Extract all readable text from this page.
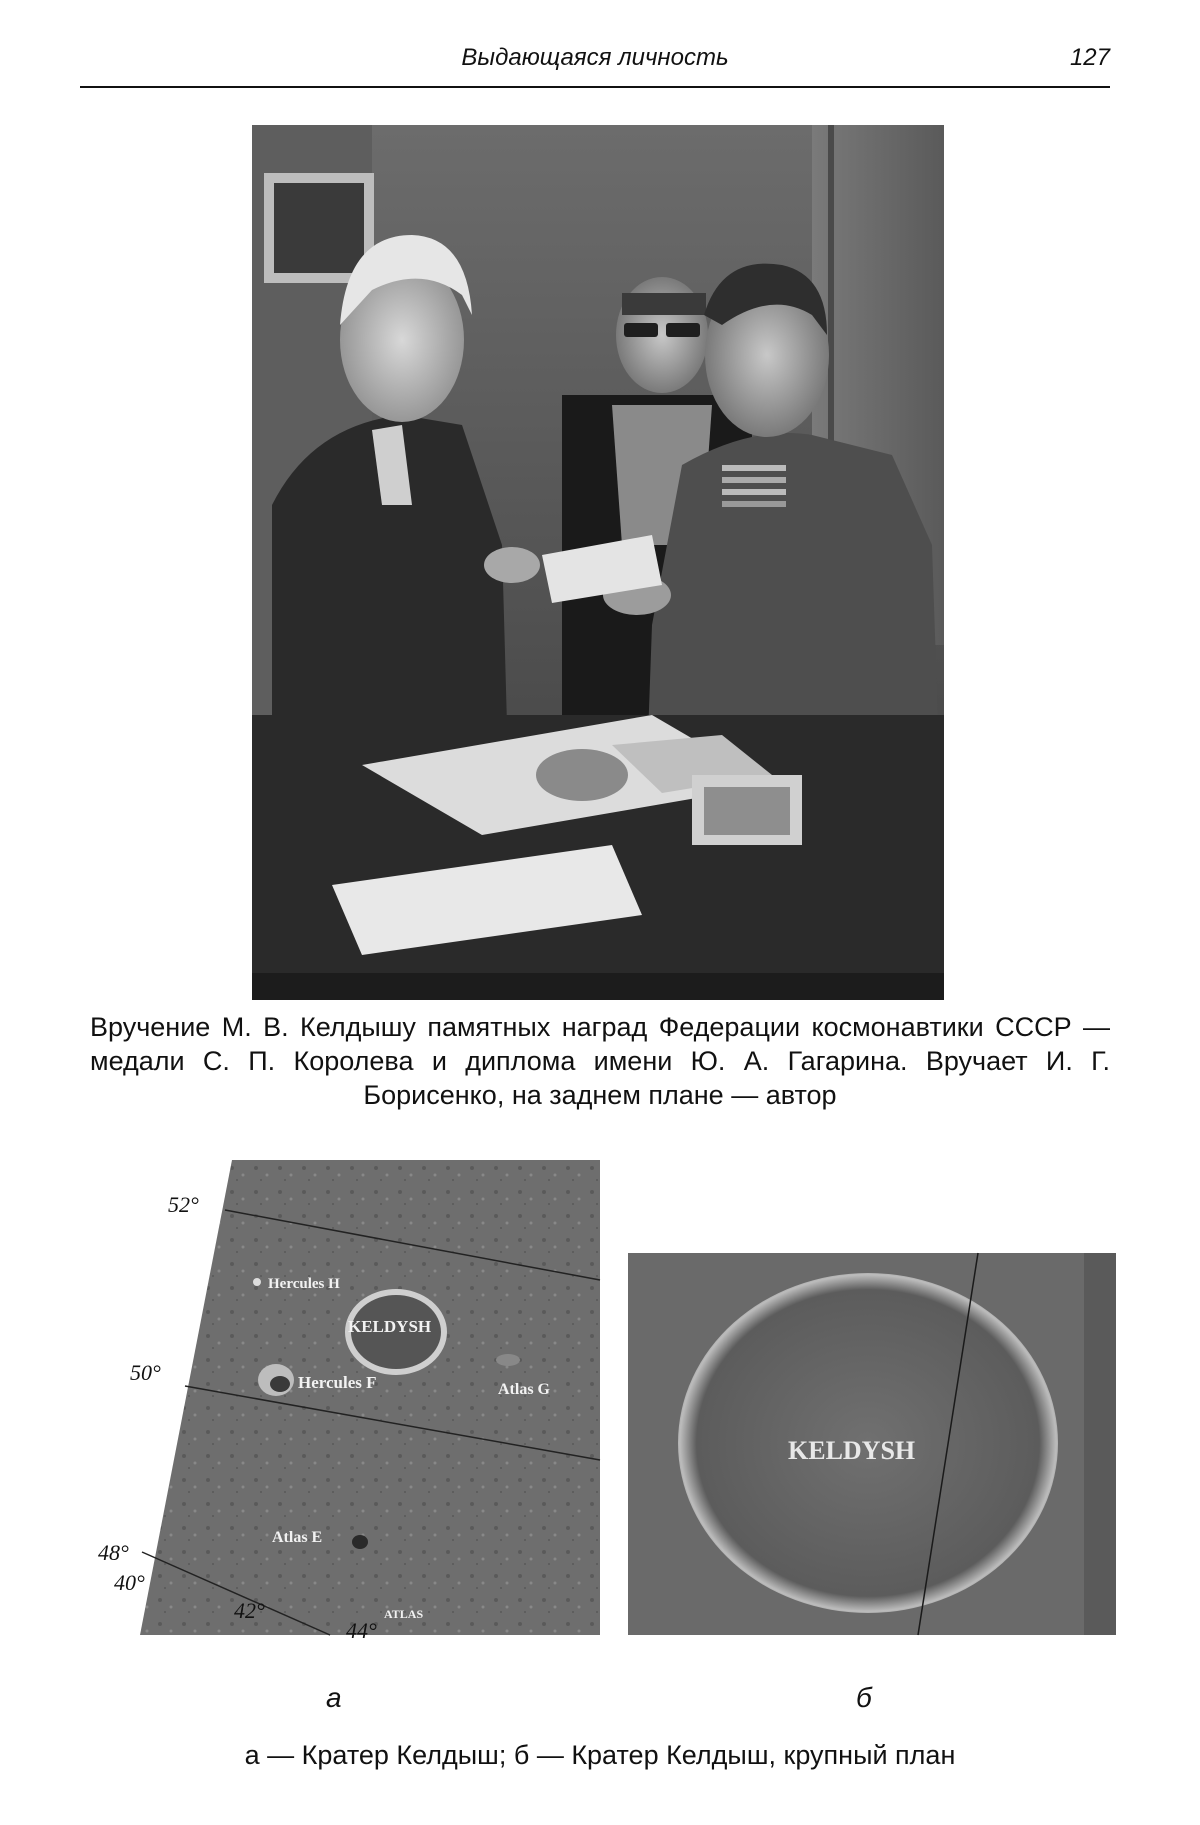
Выдающаяся личность	127
Вручение М. В. Келдышу памятных наград Федерации космонавтики СССР — медали С. П. Королева и диплома имени Ю. А. Гагарина. Вручает И. Г. Борисенко, на заднем плане — автор
52°
Hercules H
KELDYSH
50°	Hercules F	Atlas G
Atlas E
48°
40°
42°	ATLAS
44°
KELDYSH
а	б
а — Кратер Келдыш; б — Кратер Келдыш, крупный план
